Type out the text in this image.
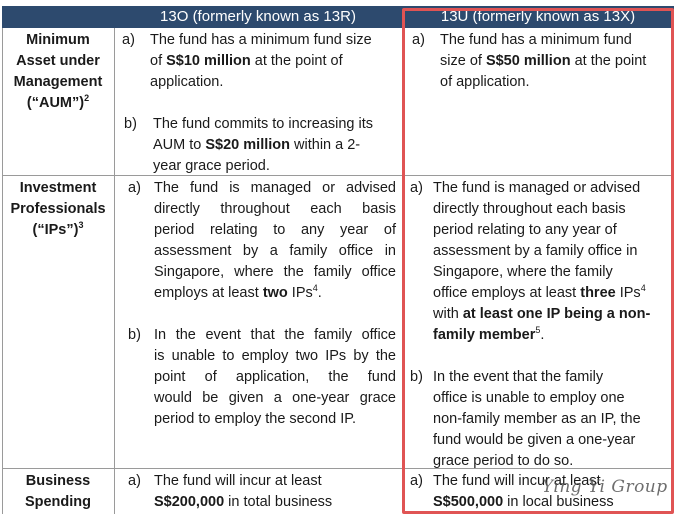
13O (formerly known as 13R)	13U (formerly known as 13X)
Minimum
Asset under
Management
(“AUM”)$^2$
a) The fund has a minimum fund size
of S$10 million at the point of
application.
b) The fund commits to increasing its
AUM to S$20 million within a 2-
year grace period.
a) The fund has a minimum fund
size of S$50 million at the point
of application.
Investment
Professionals
(“IPs”)$^3$
a) The fund is managed or advised
directly throughout each basis
period relating to any year of
assessment by a family office in
Singapore, where the family office
employs at least two IPs$^4$.
b) In the event that the family office
is unable to employ two IPs by the
point of application, the fund
would be given a one-year grace
period to employ the second IP.
a) The fund is managed or advised
directly throughout each basis
period relating to any year of
assessment by a family office in
Singapore, where the family
office employs at least three IPs$^4$
with at least one IP being a non-
family member$^5$.
b) In the event that the family
office is unable to employ one
non-family member as an IP, the
fund would be given a one-year
grace period to do so.
Business
Spending
a) The fund will incur at least
S$200,000 in total business
a) The fund will incur at least
S$500,000 in local business
Ying Yi Group
